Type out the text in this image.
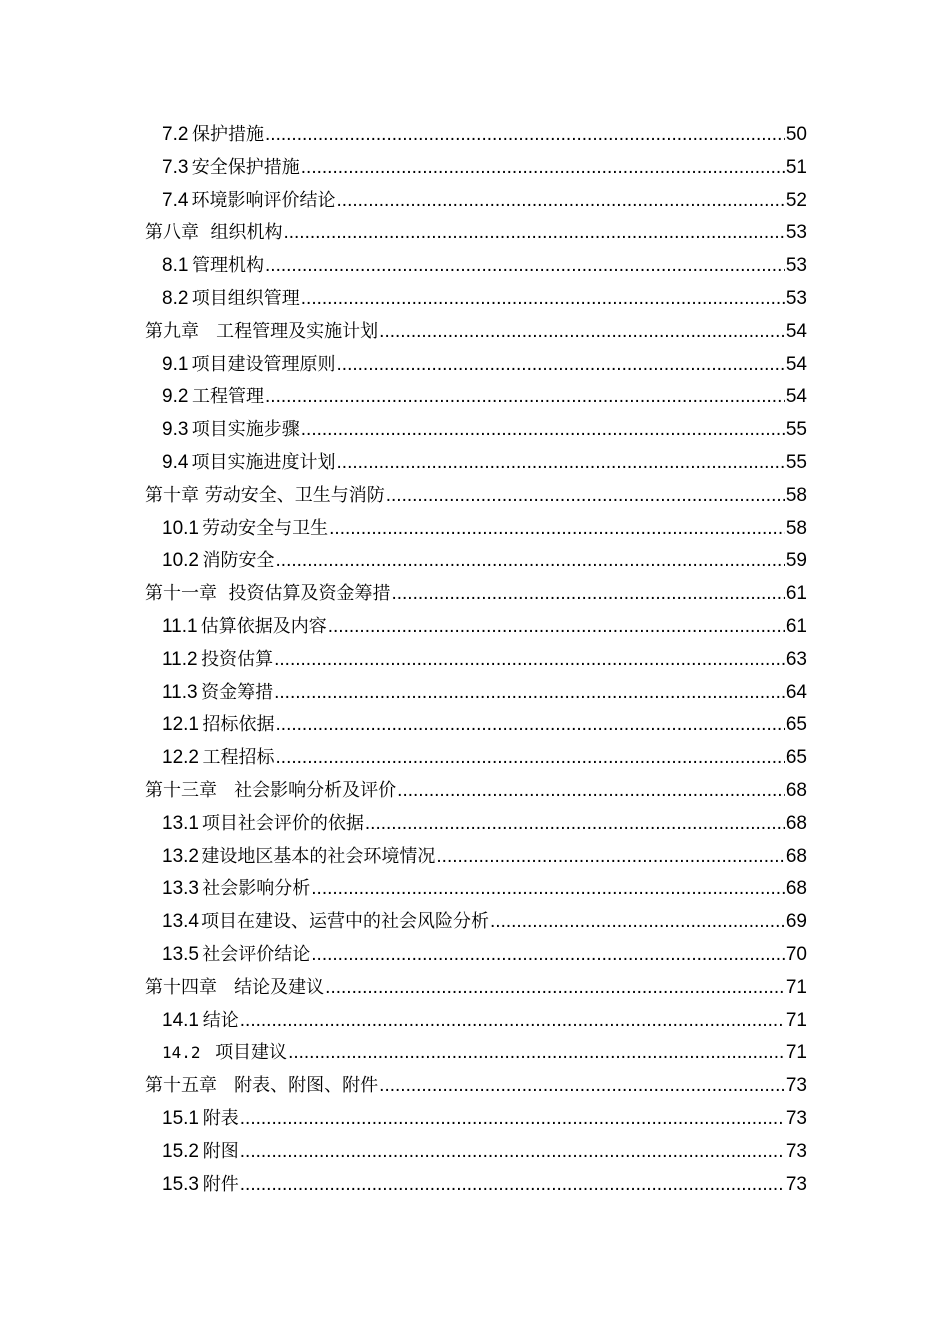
7.2 保护措施 .....	50
7.3 安全保护措施 .....	51
7.4 环境影响评价结论 .....	52
第八章  组织机构 .....	53
8.1 管理机构 .....	53
8.2 项目组织管理 .....	53
第九章   工程管理及实施计划 .....	54
9.1 项目建设管理原则 .....	54
9.2 工程管理 .....	54
9.3 项目实施步骤 .....	55
9.4 项目实施进度计划 .....	55
第十章 劳动安全、卫生与消防 .....	58
10.1 劳动安全与卫生 .....	58
10.2 消防安全 .....	59
第十一章  投资估算及资金筹措 .....	61
11.1 估算依据及内容 .....	61
11.2 投资估算 .....	63
11.3 资金筹措 .....	64
12.1 招标依据 .....	65
12.2 工程招标 .....	65
第十三章   社会影响分析及评价 .....	68
13.1 项目社会评价的依据 .....	68
13.2 建设地区基本的社会环境情况 .....	68
13.3 社会影响分析 .....	68
13.4 项目在建设、运营中的社会风险分析 .....	69
13.5 社会评价结论 .....	70
第十四章   结论及建议 .....	71
14.1 结论 .....	71
14.2 项目建议 .....	71
第十五章   附表、附图、附件 .....	73
15.1 附表 .....	73
15.2 附图 .....	73
15.3 附件 .....	73
